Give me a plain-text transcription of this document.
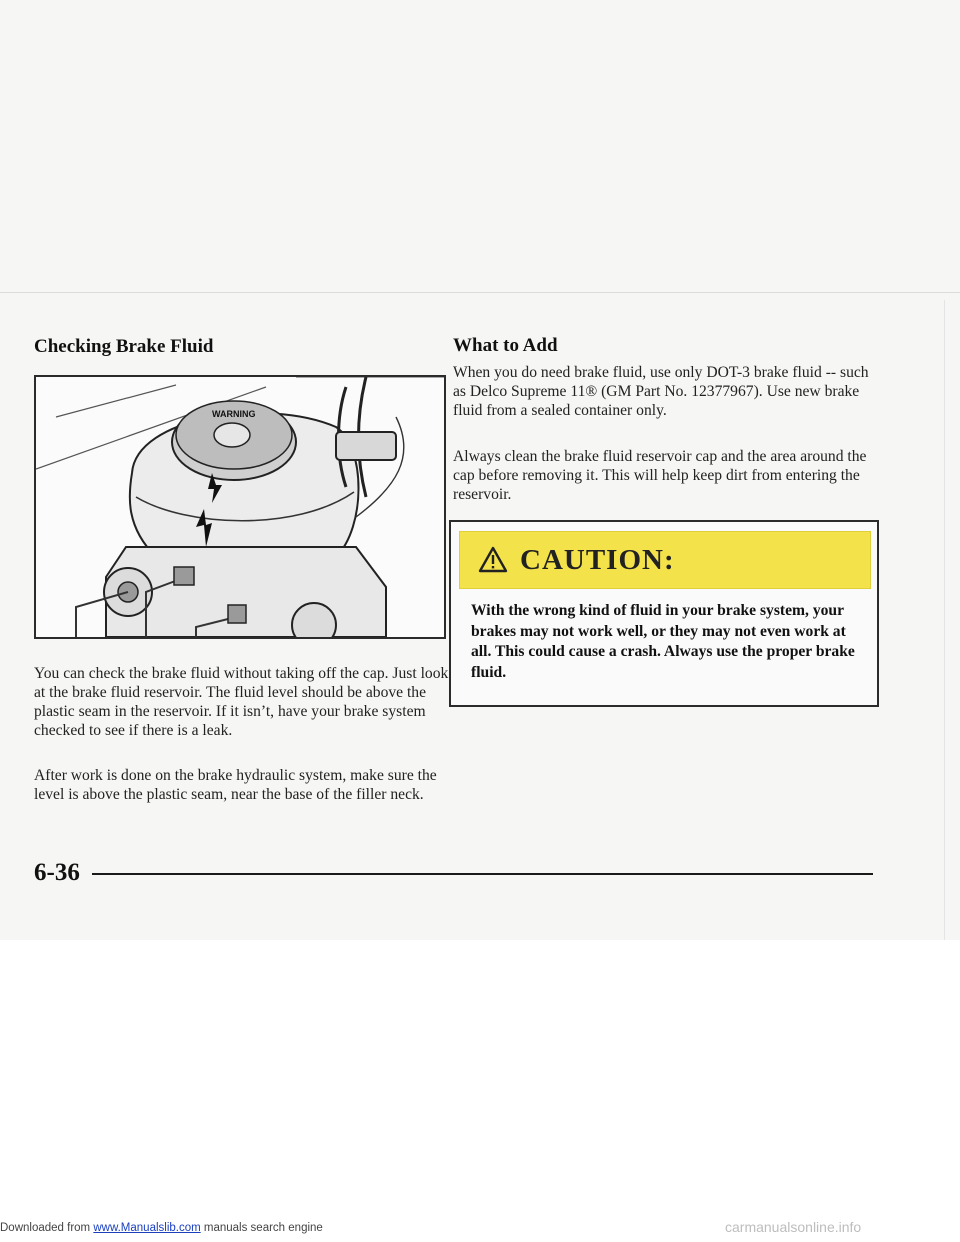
Checking Brake Fluid
WARNING

You can check the brake fluid without taking off the cap. Just look at the brake fluid reservoir. The fluid level should be above the plastic seam in the reservoir. If it isn’t, have your brake system checked to see if there is a leak.

After work is done on the brake hydraulic system, make sure the level is above the plastic seam, near the base of the filler neck.

What to Add

When you do need brake fluid, use only DOT-3 brake fluid -- such as Delco Supreme 11® (GM Part No. 12377967). Use new brake fluid from a sealed container only.

Always clean the brake fluid reservoir cap and the area around the cap before removing it. This will help keep dirt from entering the reservoir.

CAUTION:
With the wrong kind of fluid in your brake system, your brakes may not work well, or they may not even work at all. This could cause a crash. Always use the proper brake fluid.
6-36
Downloaded from www.Manualslib.com manuals search engine	carmanualsonline.info
